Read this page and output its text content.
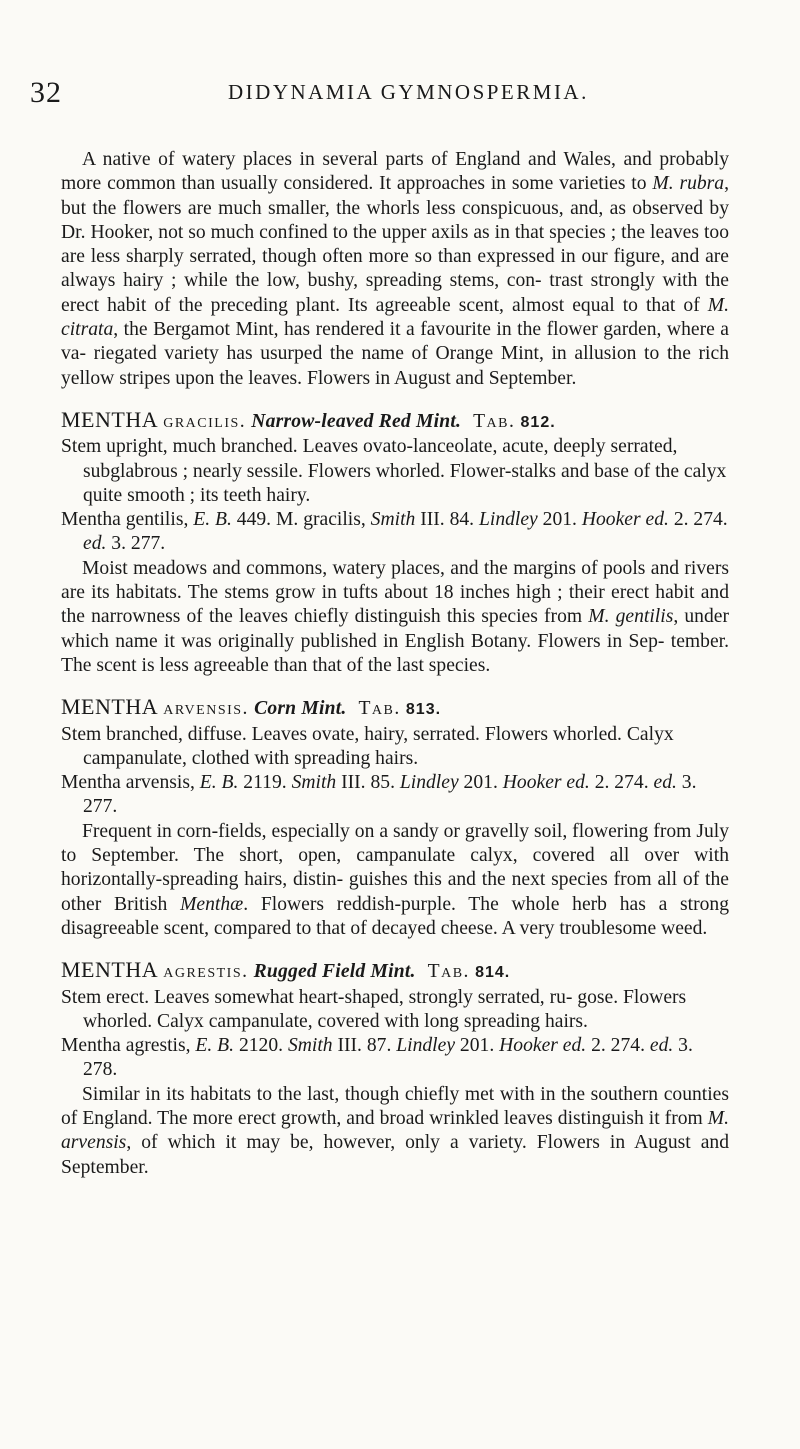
32	DIDYNAMIA GYMNOSPERMIA.

A native of watery places in several parts of England and Wales, and probably more common than usually considered. It approaches in some varieties to M. rubra, but the flowers are much smaller, the whorls less conspicuous, and, as observed by Dr. Hooker, not so much confined to the upper axils as in that species ; the leaves too are less sharply serrated, though often more so than expressed in our figure, and are always hairy ; while the low, bushy, spreading stems, con- trast strongly with the erect habit of the preceding plant. Its agreeable scent, almost equal to that of M. citrata, the Bergamot Mint, has rendered it a favourite in the flower garden, where a va- riegated variety has usurped the name of Orange Mint, in allusion to the rich yellow stripes upon the leaves. Flowers in August and September.

MENTHA gracilis. Narrow-leaved Red Mint. Tab. 812.

Stem upright, much branched. Leaves ovato-lanceolate, acute, deeply serrated, subglabrous ; nearly sessile. Flowers whorled. Flower-stalks and base of the calyx quite smooth ; its teeth hairy.

Mentha gentilis, E. B. 449. M. gracilis, Smith III. 84. Lindley 201. Hooker ed. 2. 274. ed. 3. 277.

Moist meadows and commons, watery places, and the margins of pools and rivers are its habitats. The stems grow in tufts about 18 inches high ; their erect habit and the narrowness of the leaves chiefly distinguish this species from M. gentilis, under which name it was originally published in English Botany. Flowers in Sep- tember. The scent is less agreeable than that of the last species.

MENTHA arvensis. Corn Mint. Tab. 813.

Stem branched, diffuse. Leaves ovate, hairy, serrated. Flowers whorled. Calyx campanulate, clothed with spreading hairs.

Mentha arvensis, E. B. 2119. Smith III. 85. Lindley 201. Hooker ed. 2. 274. ed. 3. 277.

Frequent in corn-fields, especially on a sandy or gravelly soil, flowering from July to September. The short, open, campanulate calyx, covered all over with horizontally-spreading hairs, distin- guishes this and the next species from all of the other British Menthæ. Flowers reddish-purple. The whole herb has a strong disagreeable scent, compared to that of decayed cheese. A very troublesome weed.

MENTHA agrestis. Rugged Field Mint. Tab. 814.

Stem erect. Leaves somewhat heart-shaped, strongly serrated, ru- gose. Flowers whorled. Calyx campanulate, covered with long spreading hairs.

Mentha agrestis, E. B. 2120. Smith III. 87. Lindley 201. Hooker ed. 2. 274. ed. 3. 278.

Similar in its habitats to the last, though chiefly met with in the southern counties of England. The more erect growth, and broad wrinkled leaves distinguish it from M. arvensis, of which it may be, however, only a variety. Flowers in August and September.
